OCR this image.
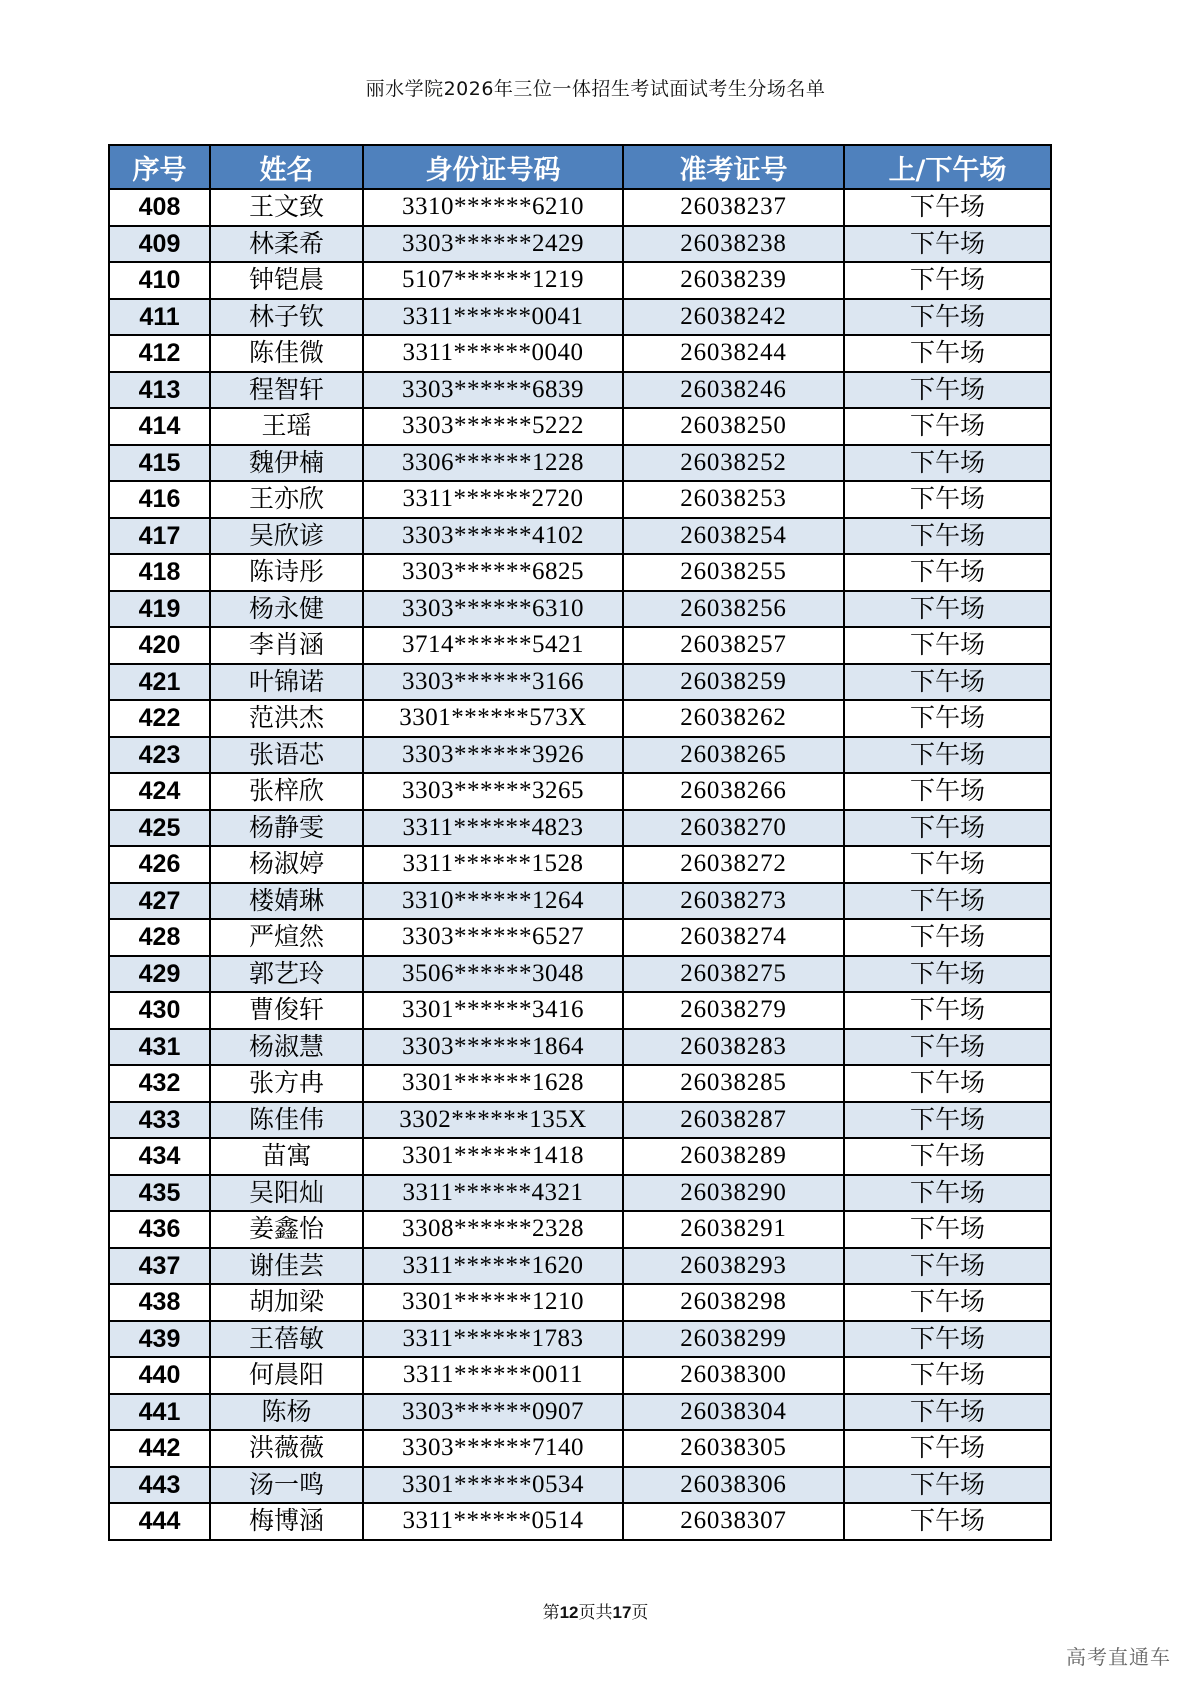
丽水学院2026年三位一体招生考试面试考生分场名单
序号	姓名	身份证号码	准考证号	上/下午场
408	王文致	3310******6210	26038237	下午场
409	林柔希	3303******2429	26038238	下午场
410	钟铠晨	5107******1219	26038239	下午场
411	林子钦	3311******0041	26038242	下午场
412	陈佳微	3311******0040	26038244	下午场
413	程智轩	3303******6839	26038246	下午场
414	王瑶	3303******5222	26038250	下午场
415	魏伊楠	3306******1228	26038252	下午场
416	王亦欣	3311******2720	26038253	下午场
417	吴欣谚	3303******4102	26038254	下午场
418	陈诗彤	3303******6825	26038255	下午场
419	杨永健	3303******6310	26038256	下午场
420	李肖涵	3714******5421	26038257	下午场
421	叶锦诺	3303******3166	26038259	下午场
422	范洪杰	3301******573X	26038262	下午场
423	张语芯	3303******3926	26038265	下午场
424	张梓欣	3303******3265	26038266	下午场
425	杨静雯	3311******4823	26038270	下午场
426	杨淑婷	3311******1528	26038272	下午场
427	楼婧琳	3310******1264	26038273	下午场
428	严煊然	3303******6527	26038274	下午场
429	郭艺玲	3506******3048	26038275	下午场
430	曹俊轩	3301******3416	26038279	下午场
431	杨淑慧	3303******1864	26038283	下午场
432	张方冉	3301******1628	26038285	下午场
433	陈佳伟	3302******135X	26038287	下午场
434	苗寓	3301******1418	26038289	下午场
435	吴阳灿	3311******4321	26038290	下午场
436	姜鑫怡	3308******2328	26038291	下午场
437	谢佳芸	3311******1620	26038293	下午场
438	胡加梁	3301******1210	26038298	下午场
439	王蓓敏	3311******1783	26038299	下午场
440	何晨阳	3311******0011	26038300	下午场
441	陈杨	3303******0907	26038304	下午场
442	洪薇薇	3303******7140	26038305	下午场
443	汤一鸣	3301******0534	26038306	下午场
444	梅博涵	3311******0514	26038307	下午场
第12页共17页
高考直通车
